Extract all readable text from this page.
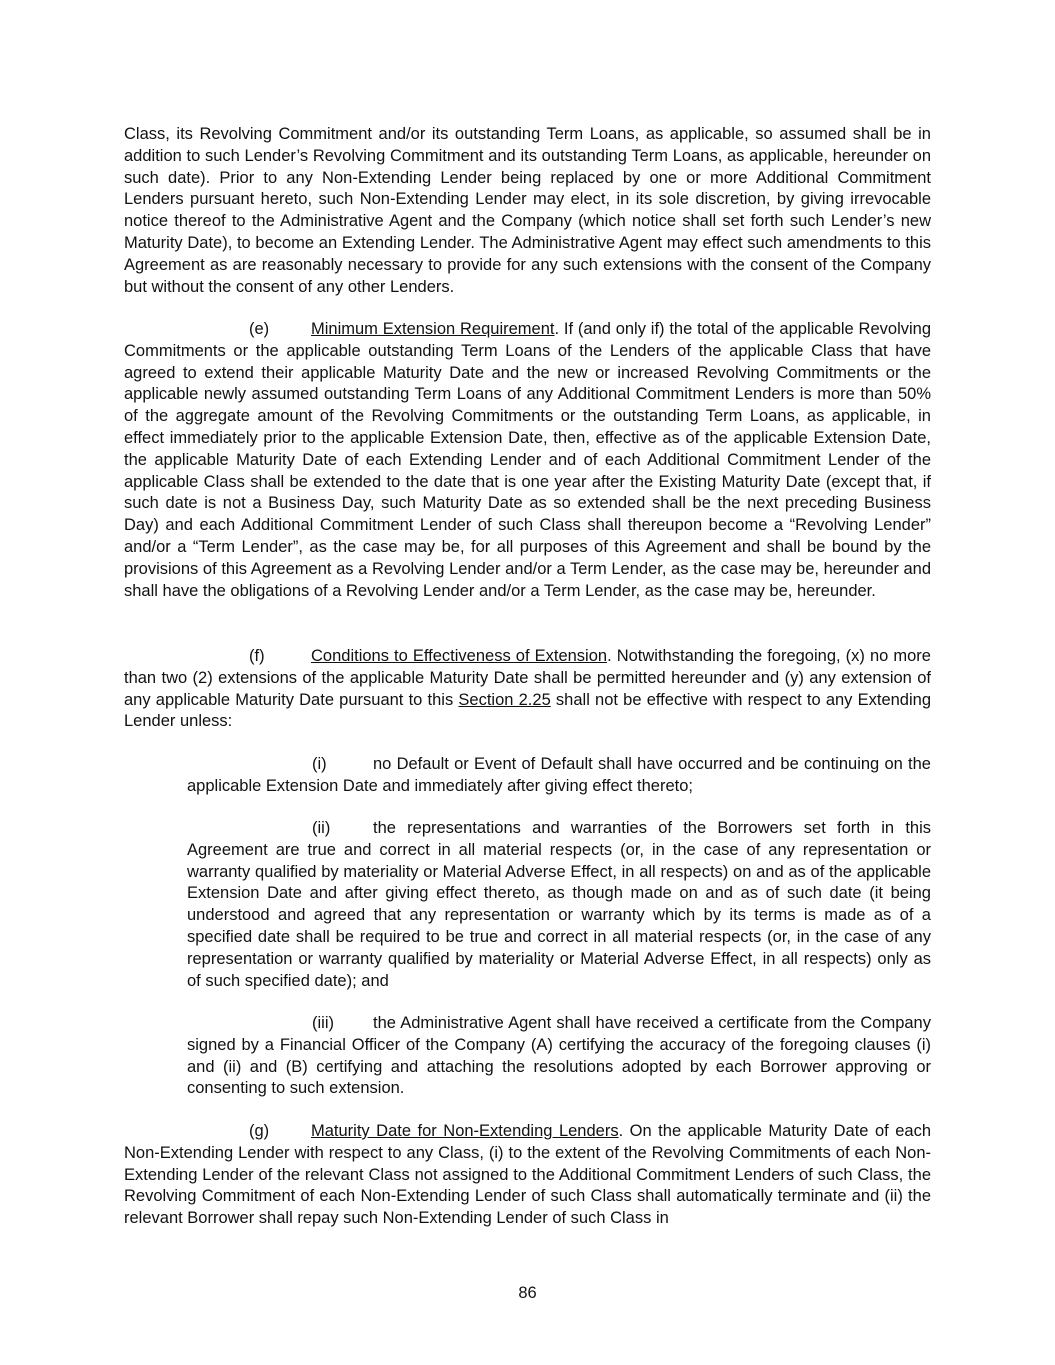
Class, its Revolving Commitment and/or its outstanding Term Loans, as applicable, so assumed shall be in addition to such Lender’s Revolving Commitment and its outstanding Term Loans, as applicable, hereunder on such date). Prior to any Non-Extending Lender being replaced by one or more Additional Commitment Lenders pursuant hereto, such Non-Extending Lender may elect, in its sole discretion, by giving irrevocable notice thereof to the Administrative Agent and the Company (which notice shall set forth such Lender’s new Maturity Date), to become an Extending Lender. The Administrative Agent may effect such amendments to this Agreement as are reasonably necessary to provide for any such extensions with the consent of the Company but without the consent of any other Lenders.

(e)	Minimum Extension Requirement. If (and only if) the total of the applicable Revolving Commitments or the applicable outstanding Term Loans of the Lenders of the applicable Class that have agreed to extend their applicable Maturity Date and the new or increased Revolving Commitments or the applicable newly assumed outstanding Term Loans of any Additional Commitment Lenders is more than 50% of the aggregate amount of the Revolving Commitments or the outstanding Term Loans, as applicable, in effect immediately prior to the applicable Extension Date, then, effective as of the applicable Extension Date, the applicable Maturity Date of each Extending Lender and of each Additional Commitment Lender of the applicable Class shall be extended to the date that is one year after the Existing Maturity Date (except that, if such date is not a Business Day, such Maturity Date as so extended shall be the next preceding Business Day) and each Additional Commitment Lender of such Class shall thereupon become a “Revolving Lender” and/or a “Term Lender”, as the case may be, for all purposes of this Agreement and shall be bound by the provisions of this Agreement as a Revolving Lender and/or a Term Lender, as the case may be, hereunder and shall have the obligations of a Revolving Lender and/or a Term Lender, as the case may be, hereunder.

(f)	Conditions to Effectiveness of Extension. Notwithstanding the foregoing, (x) no more than two (2) extensions of the applicable Maturity Date shall be permitted hereunder and (y) any extension of any applicable Maturity Date pursuant to this Section 2.25 shall not be effective with respect to any Extending Lender unless:

(i)	no Default or Event of Default shall have occurred and be continuing on the applicable Extension Date and immediately after giving effect thereto;

(ii)	the representations and warranties of the Borrowers set forth in this Agreement are true and correct in all material respects (or, in the case of any representation or warranty qualified by materiality or Material Adverse Effect, in all respects) on and as of the applicable Extension Date and after giving effect thereto, as though made on and as of such date (it being understood and agreed that any representation or warranty which by its terms is made as of a specified date shall be required to be true and correct in all material respects (or, in the case of any representation or warranty qualified by materiality or Material Adverse Effect, in all respects) only as of such specified date); and

(iii) the Administrative Agent shall have received a certificate from the Company signed by a Financial Officer of the Company (A) certifying the accuracy of the foregoing clauses (i) and (ii) and (B) certifying and attaching the resolutions adopted by each Borrower approving or consenting to such extension.

(g)	Maturity Date for Non-Extending Lenders. On the applicable Maturity Date of each Non-Extending Lender with respect to any Class, (i) to the extent of the Revolving Commitments of each Non-Extending Lender of the relevant Class not assigned to the Additional Commitment Lenders of such Class, the Revolving Commitment of each Non-Extending Lender of such Class shall automatically terminate and (ii) the relevant Borrower shall repay such Non-Extending Lender of such Class in

86
